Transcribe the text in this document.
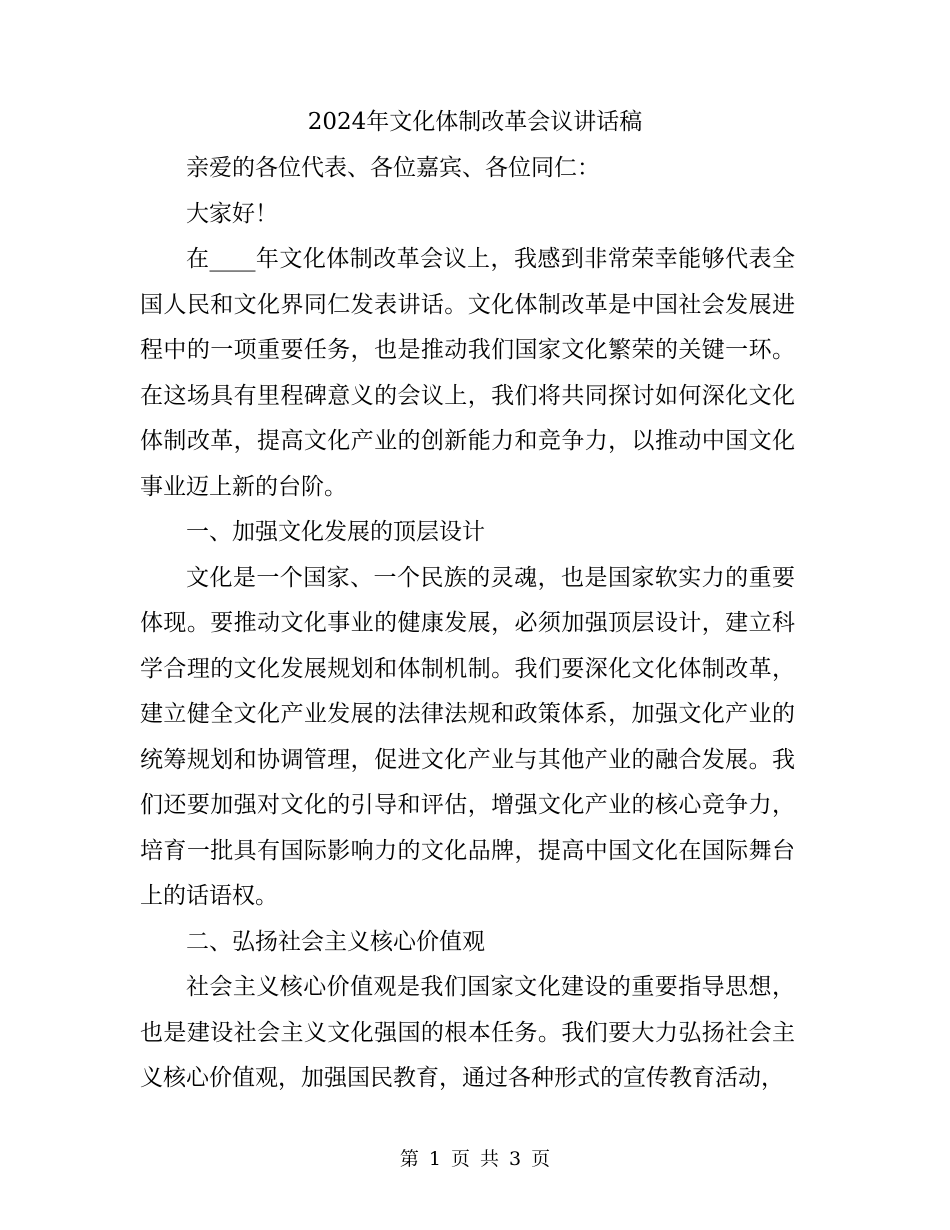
2024年文化体制改革会议讲话稿

亲爱的各位代表、各位嘉宾、各位同仁：

大家好！

在____年文化体制改革会议上，我感到非常荣幸能够代表全国人民和文化界同仁发表讲话。文化体制改革是中国社会发展进程中的一项重要任务，也是推动我们国家文化繁荣的关键一环。在这场具有里程碑意义的会议上，我们将共同探讨如何深化文化体制改革，提高文化产业的创新能力和竞争力，以推动中国文化事业迈上新的台阶。

一、加强文化发展的顶层设计

文化是一个国家、一个民族的灵魂，也是国家软实力的重要体现。要推动文化事业的健康发展，必须加强顶层设计，建立科学合理的文化发展规划和体制机制。我们要深化文化体制改革，建立健全文化产业发展的法律法规和政策体系，加强文化产业的统筹规划和协调管理，促进文化产业与其他产业的融合发展。我们还要加强对文化的引导和评估，增强文化产业的核心竞争力，培育一批具有国际影响力的文化品牌，提高中国文化在国际舞台上的话语权。

二、弘扬社会主义核心价值观

社会主义核心价值观是我们国家文化建设的重要指导思想，也是建设社会主义文化强国的根本任务。我们要大力弘扬社会主义核心价值观，加强国民教育，通过各种形式的宣传教育活动，

第 1 页 共 3 页
